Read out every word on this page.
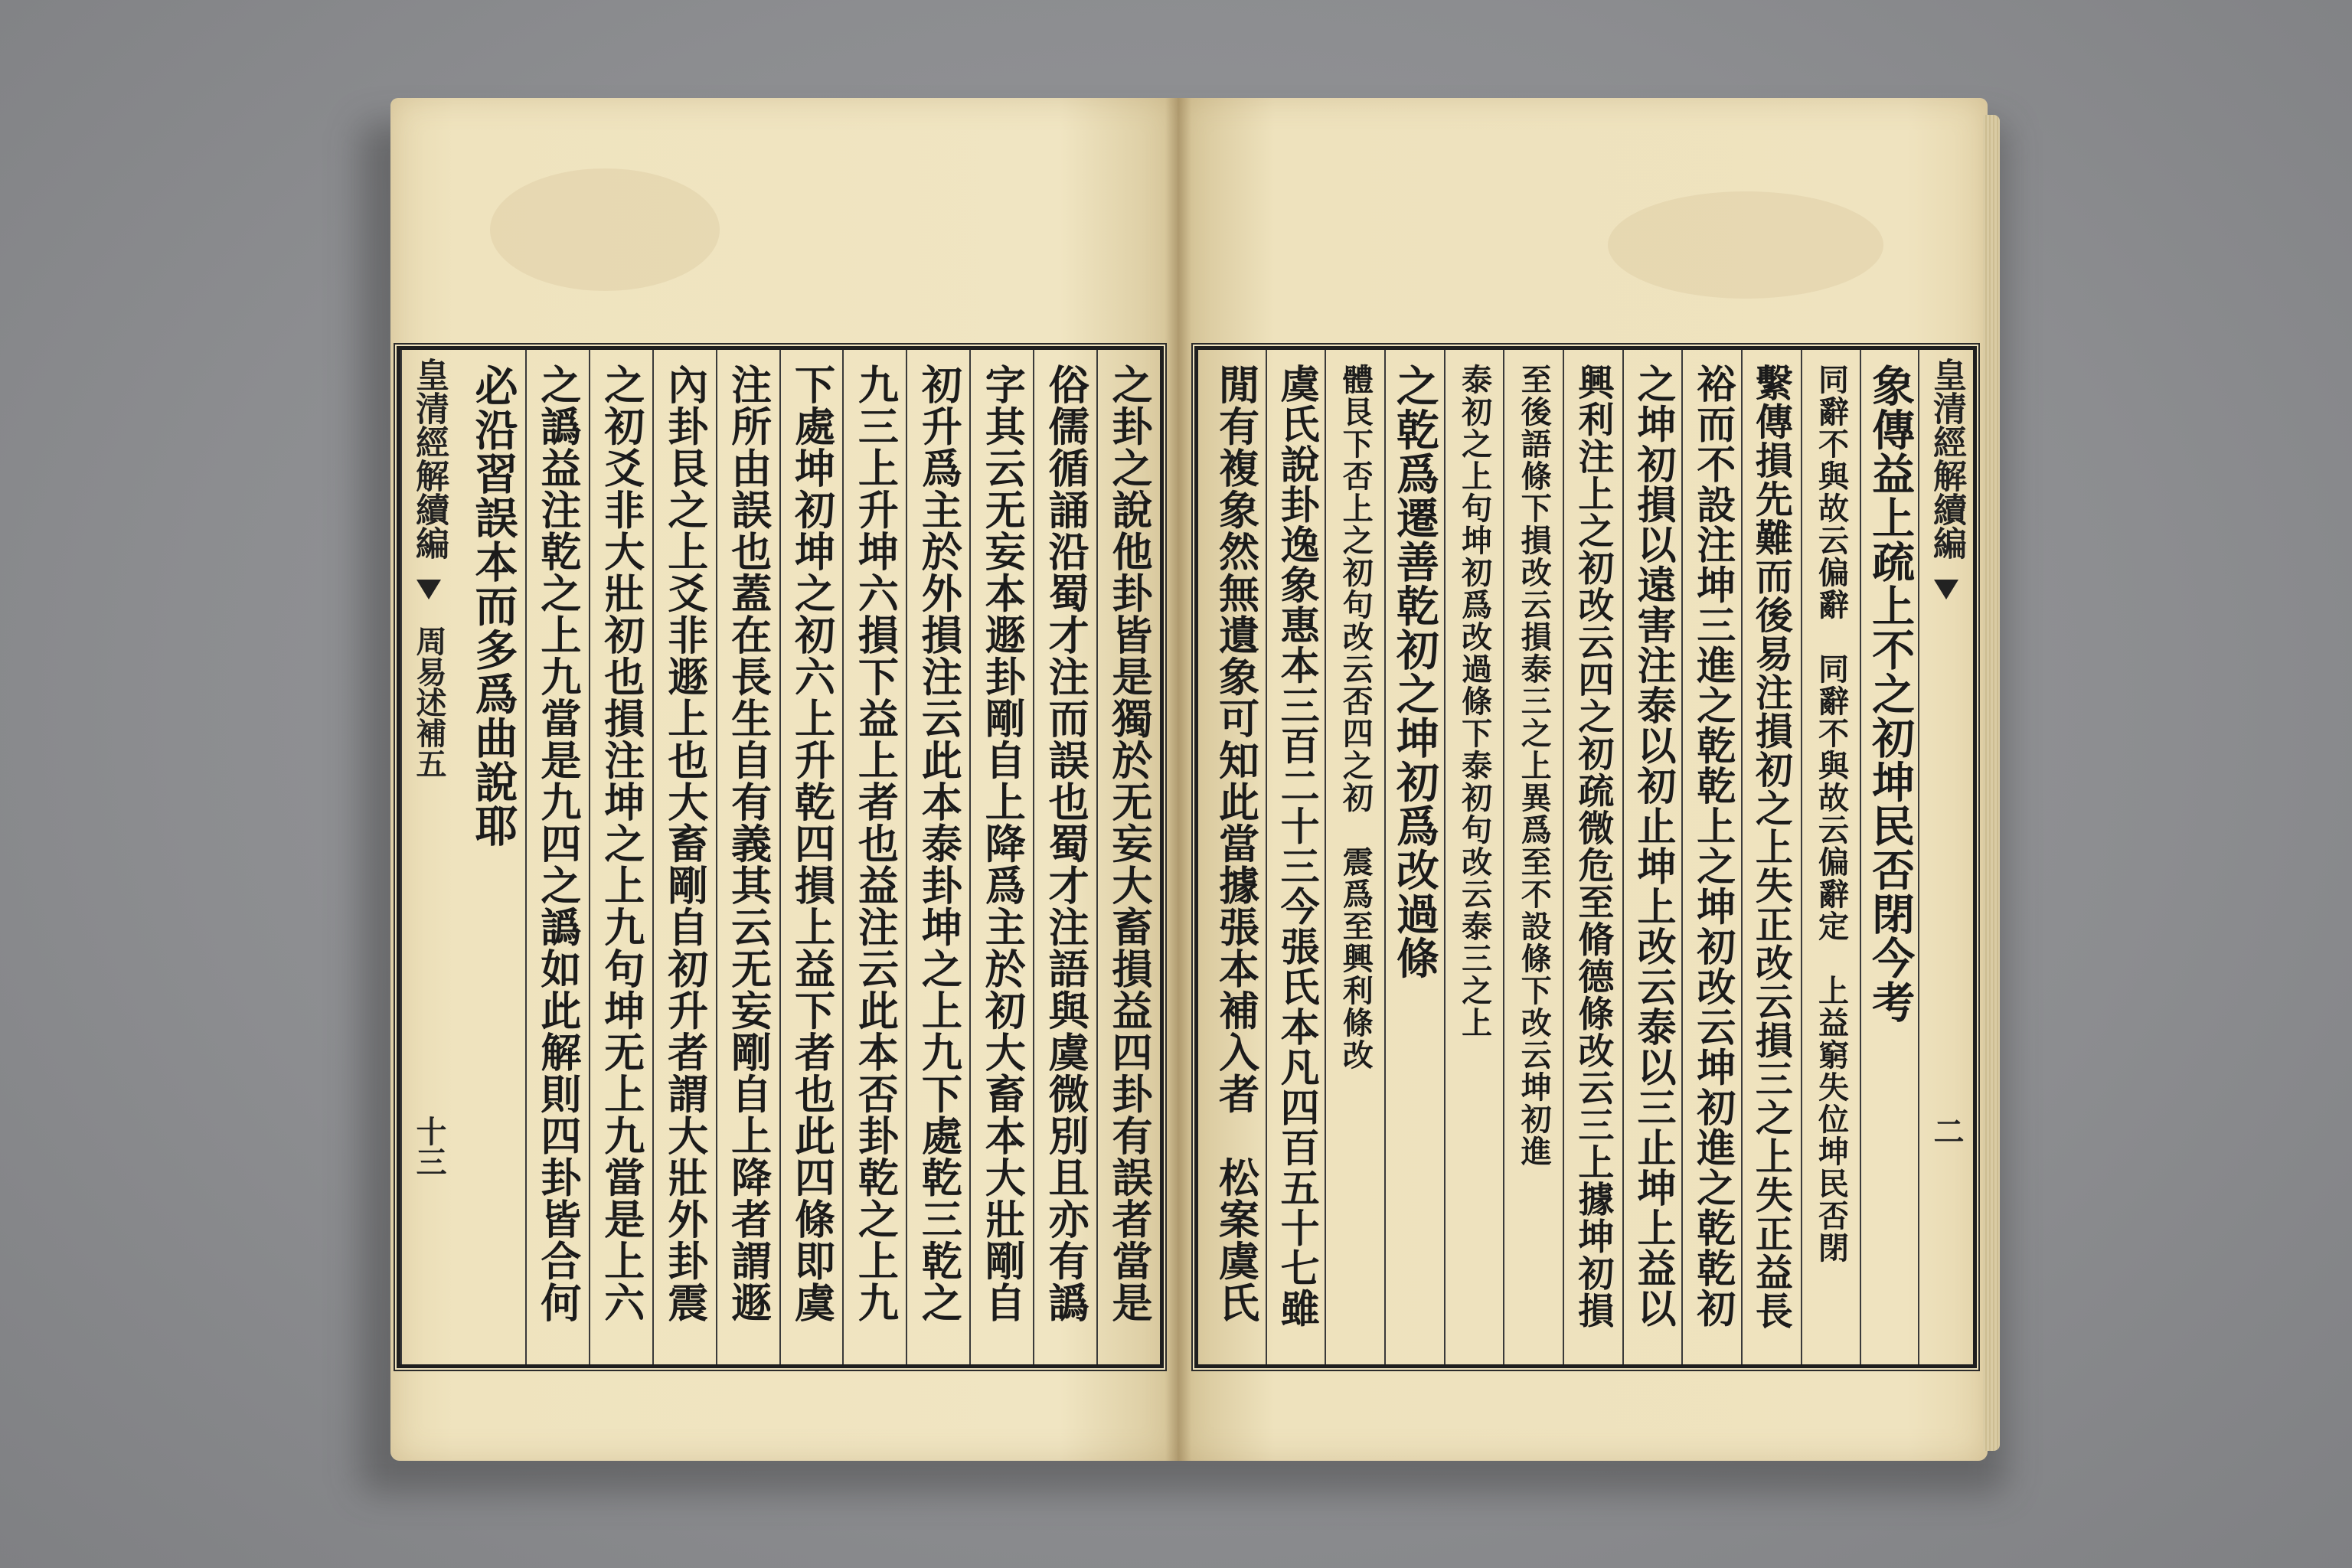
之卦之說他卦皆是獨於无妄大畜損益四卦有誤者當是
俗儒循誦沿蜀才注而誤也蜀才注語與虞微別且亦有譌
字其云无妄本遯卦剛自上降爲主於初大畜本大壯剛自
初升爲主於外損注云此本泰卦坤之上九下處乾三乾之
九三上升坤六損下益上者也益注云此本否卦乾之上九
下處坤初坤之初六上升乾四損上益下者也此四條即虞
注所由誤也蓋在長生自有義其云无妄剛自上降者謂遯
內卦艮之上爻非遯上也大畜剛自初升者謂大壯外卦震
之初爻非大壯初也損注坤之上九句坤无上九當是上六
之譌益注乾之上九當是九四之譌如此解則四卦皆合何
必沿習誤本而多爲曲說耶
皇清經解續編
周易述補五
十三
象傳益上疏上不之初坤民否閉今考
同辭不與故云偏辭　同辭不與故云偏辭定　上益窮失位坤民否閉
繫傳損先難而後易注損初之上失正改云損三之上失正益長
裕而不設注坤三進之乾乾上之坤初改云坤初進之乾乾初
之坤初損以遠害注泰以初止坤上改云泰以三止坤上益以
興利注上之初改云四之初疏微危至脩德條改云三上據坤初損
至後語條下損改云損泰三之上異爲至不設條下改云坤初進
泰初之上句坤初爲改過條下泰初句改云泰三之上
之乾爲遷善乾初之坤初爲改過條
體艮下否上之初句改云否四之初　震爲至興利條改
虞氏說卦逸象惠本三百二十三今張氏本凡四百五十七雖
閒有複象然無遺象可知此當據張本補入者　松案虞氏	皇清經解續編
二
